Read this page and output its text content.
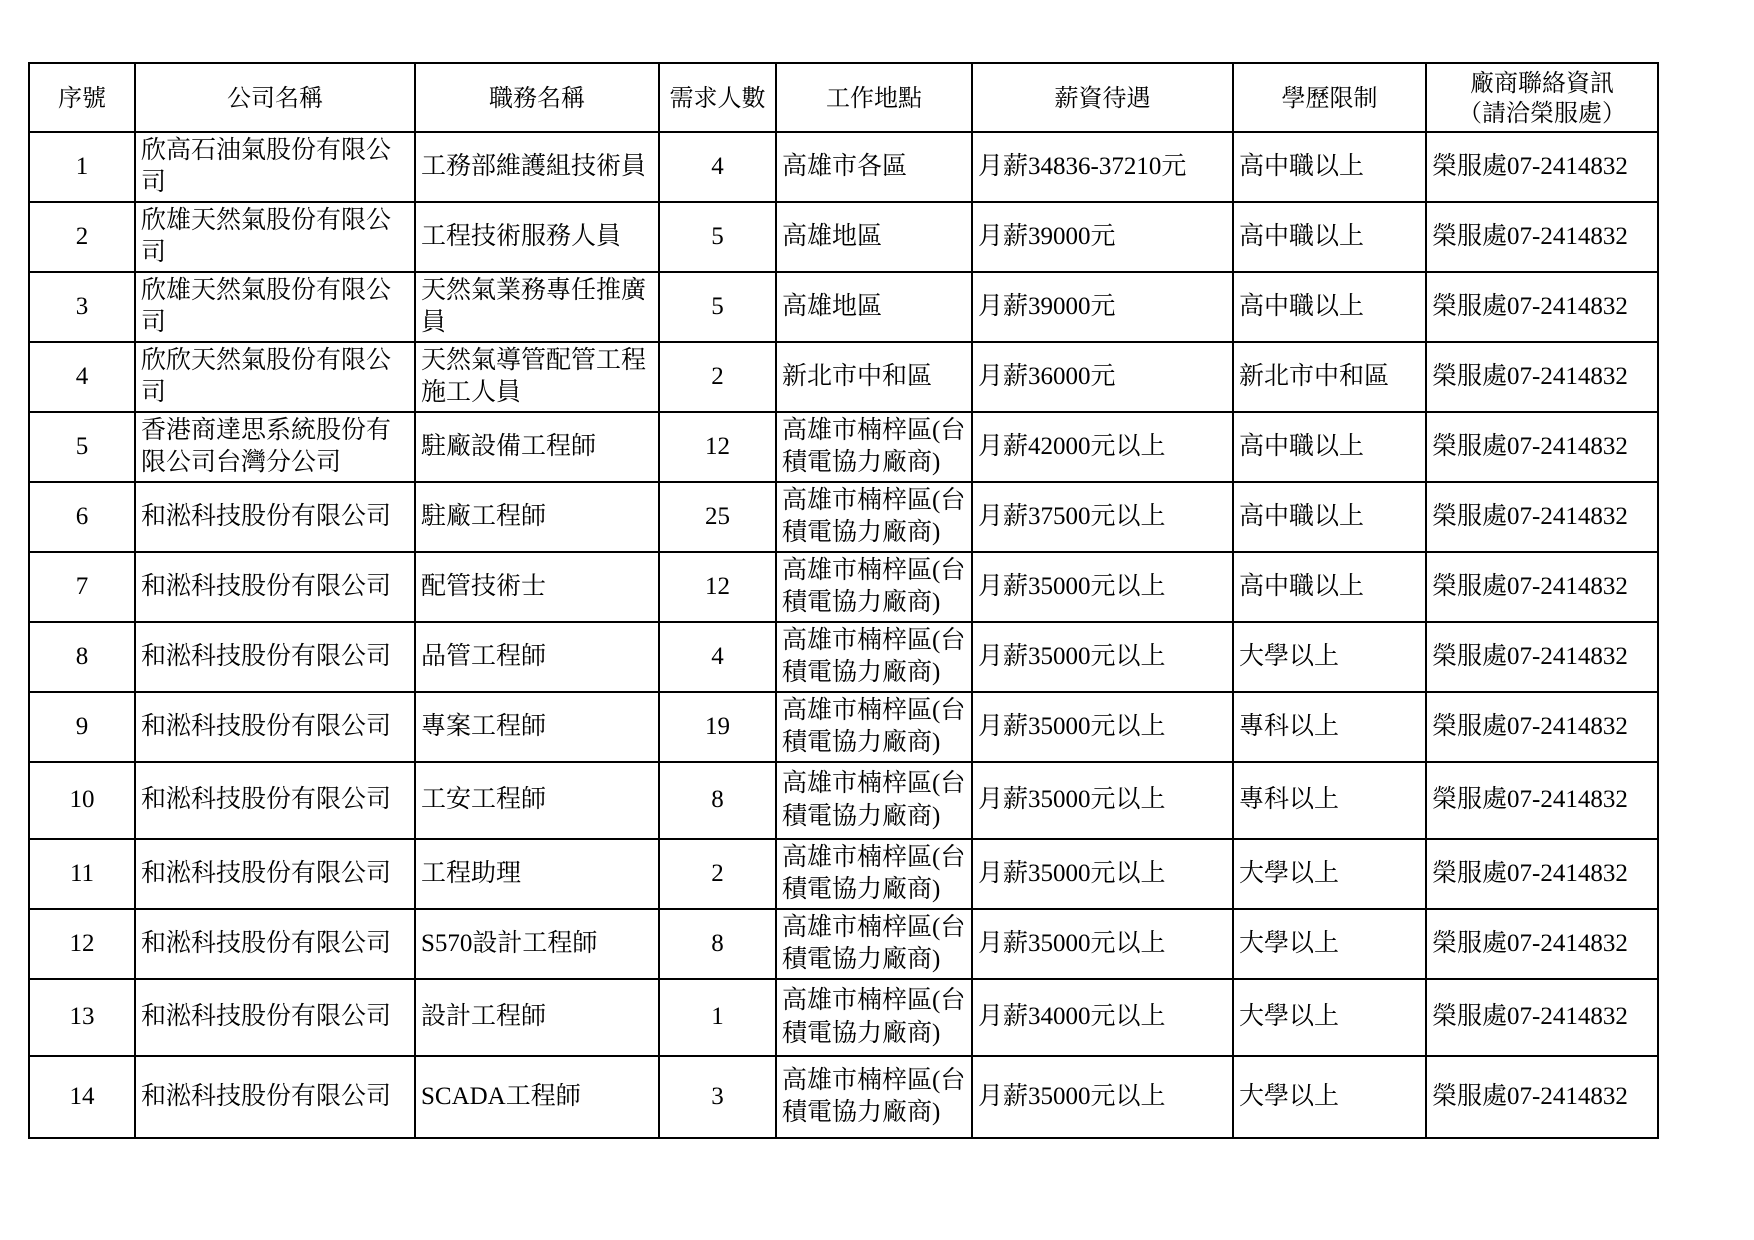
序號	公司名稱	職務名稱	需求人數	工作地點	薪資待遇	學歷限制	廠商聯絡資訊
（請洽榮服處）

1	欣高石油氣股份有限公司	工務部維護組技術員	4	高雄市各區	月薪34836-37210元	高中職以上	榮服處07-2414832
2	欣雄天然氣股份有限公司	工程技術服務人員	5	高雄地區	月薪39000元	高中職以上	榮服處07-2414832
3	欣雄天然氣股份有限公司	天然氣業務專任推廣員	5	高雄地區	月薪39000元	高中職以上	榮服處07-2414832
4	欣欣天然氣股份有限公司	天然氣導管配管工程施工人員	2	新北市中和區	月薪36000元	新北市中和區	榮服處07-2414832
5	香港商達思系統股份有限公司台灣分公司	駐廠設備工程師	12	高雄市楠梓區(台積電協力廠商)	月薪42000元以上	高中職以上	榮服處07-2414832
6	和淞科技股份有限公司	駐廠工程師	25	高雄市楠梓區(台積電協力廠商)	月薪37500元以上	高中職以上	榮服處07-2414832
7	和淞科技股份有限公司	配管技術士	12	高雄市楠梓區(台積電協力廠商)	月薪35000元以上	高中職以上	榮服處07-2414832
8	和淞科技股份有限公司	品管工程師	4	高雄市楠梓區(台積電協力廠商)	月薪35000元以上	大學以上	榮服處07-2414832
9	和淞科技股份有限公司	專案工程師	19	高雄市楠梓區(台積電協力廠商)	月薪35000元以上	專科以上	榮服處07-2414832
10	和淞科技股份有限公司	工安工程師	8	高雄市楠梓區(台積電協力廠商)	月薪35000元以上	專科以上	榮服處07-2414832
11	和淞科技股份有限公司	工程助理	2	高雄市楠梓區(台積電協力廠商)	月薪35000元以上	大學以上	榮服處07-2414832
12	和淞科技股份有限公司	S570設計工程師	8	高雄市楠梓區(台積電協力廠商)	月薪35000元以上	大學以上	榮服處07-2414832
13	和淞科技股份有限公司	設計工程師	1	高雄市楠梓區(台積電協力廠商)	月薪34000元以上	大學以上	榮服處07-2414832
14	和淞科技股份有限公司	SCADA工程師	3	高雄市楠梓區(台積電協力廠商)	月薪35000元以上	大學以上	榮服處07-2414832
